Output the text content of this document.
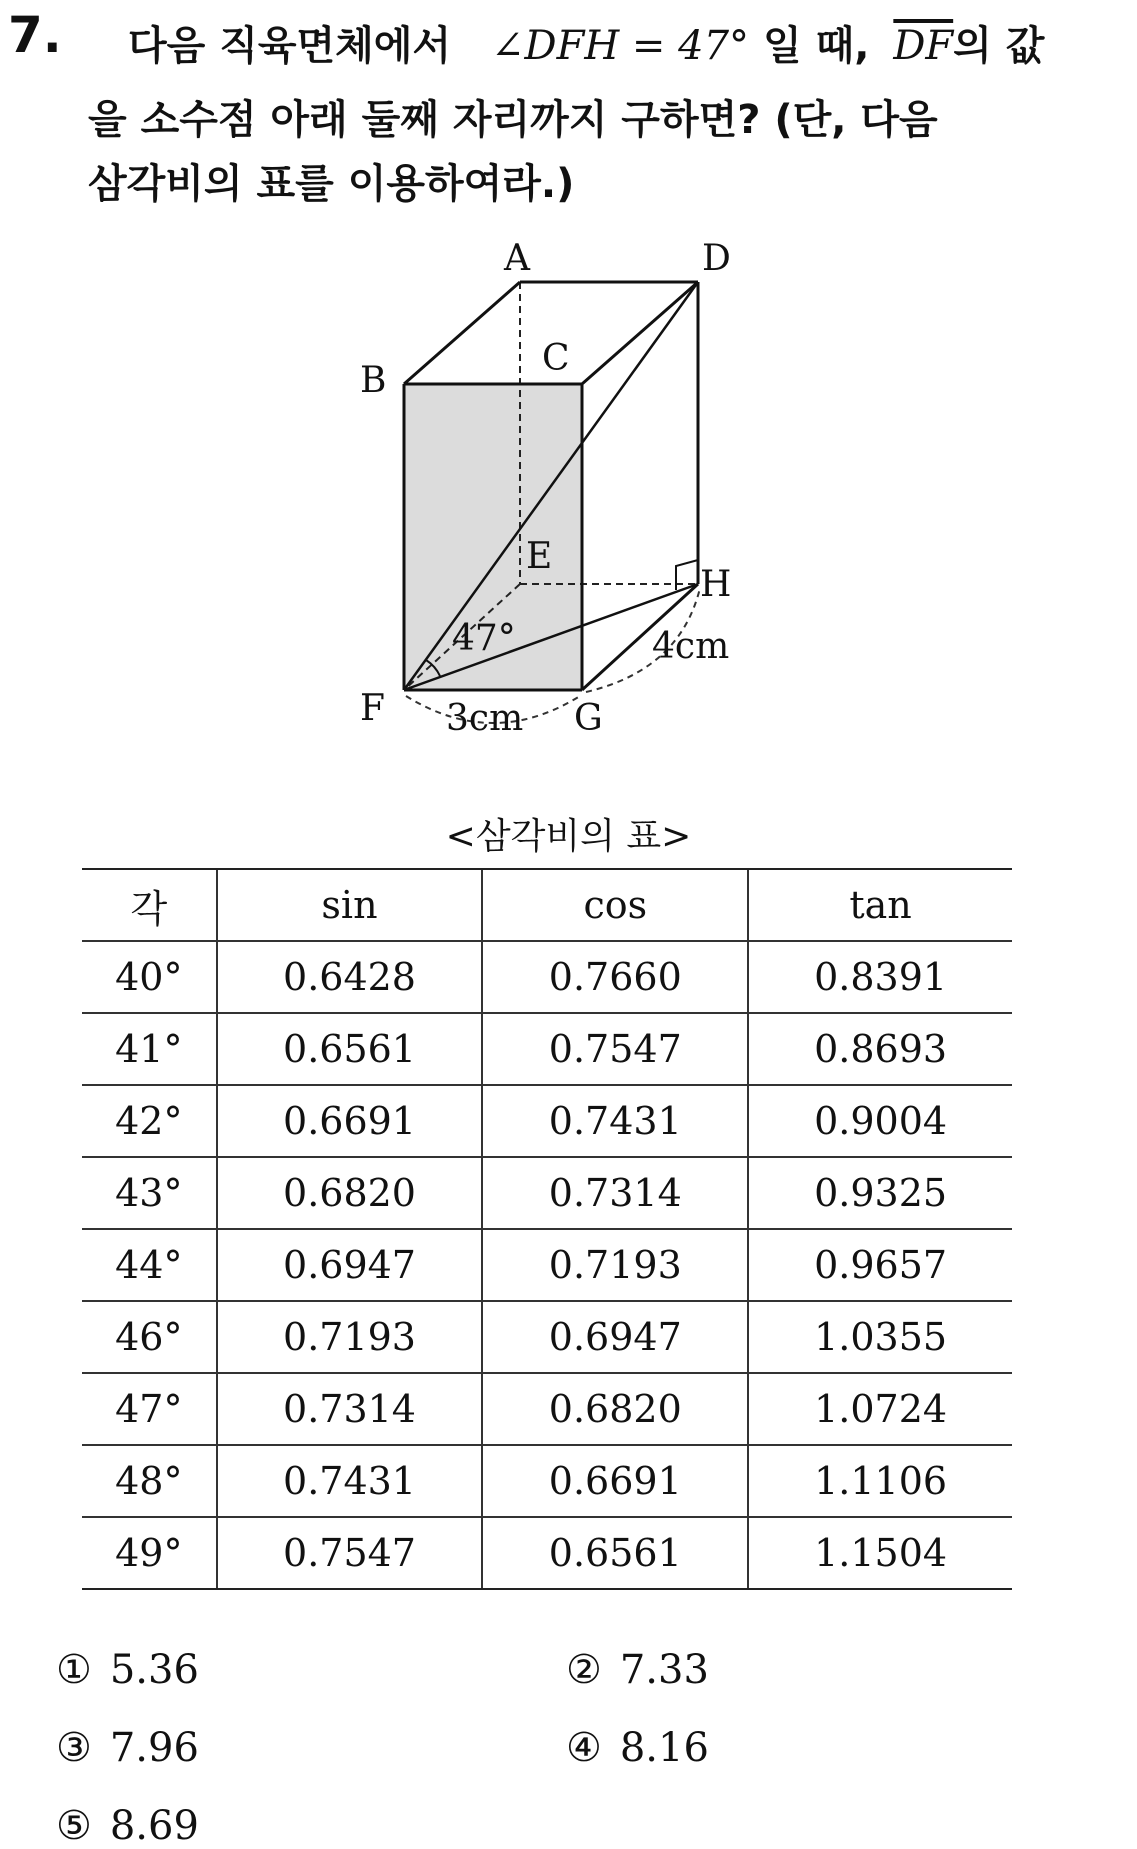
7. 다음 직육면체에서 ∠DFH = 47° 일 때, $\overline{DF}$의 값
을 소수점 아래 둘째 자리까지 구하면? (단, 다음
삼각비의 표를 이용하여라.)
A	D
B
C
E
H
F	G
47°
3cm
4cm
<삼각비의 표>
각	sin	cos	tan
40°	0.6428	0.7660	0.8391
41°	0.6561	0.7547	0.8693
42°	0.6691	0.7431	0.9004
43°	0.6820	0.7314	0.9325
44°	0.6947	0.7193	0.9657
46°	0.7193	0.6947	1.0355
47°	0.7314	0.6820	1.0724
48°	0.7431	0.6691	1.1106
49°	0.7547	0.6561	1.1504
① 5.36	② 7.33
③ 7.96	④ 8.16
⑤ 8.69
